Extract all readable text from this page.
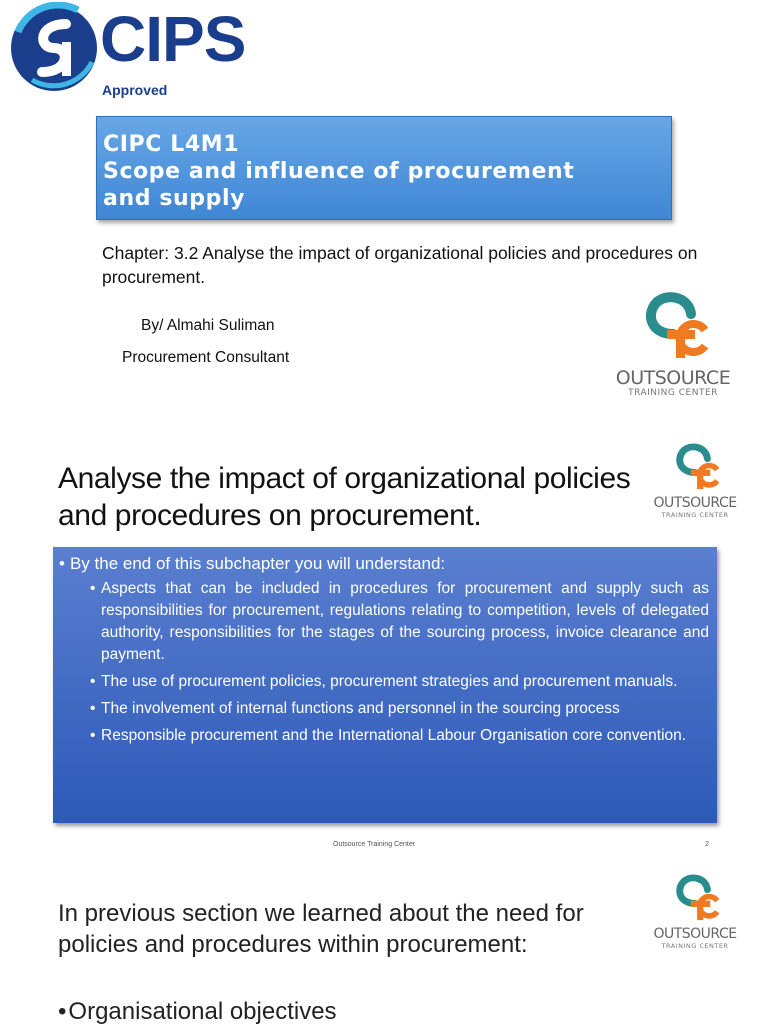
CIPS
Approved
CIPC L4M1
Scope and influence of procurement
and supply
Chapter: 3.2 Analyse the impact of organizational policies and procedures on procurement.
By/ Almahi Suliman
Procurement Consultant
OUTSOURCE
TRAINING CENTER
Analyse the impact of organizational policies and procedures on procurement.	OUTSOURCE
TRAINING CENTER
• By the end of this subchapter you will understand:
• Aspects that can be included in procedures for procurement and supply such as responsibilities for procurement, regulations relating to competition, levels of delegated authority, responsibilities for the stages of the sourcing process, invoice clearance and payment.
• The use of procurement policies, procurement strategies and procurement manuals.
• The involvement of internal functions and personnel in the sourcing process
• Responsible procurement and the International Labour Organisation core convention.
Outsource Training Center	2
In previous section we learned about the need for policies and procedures within procurement:	OUTSOURCE
TRAINING CENTER
• Organisational objectives
